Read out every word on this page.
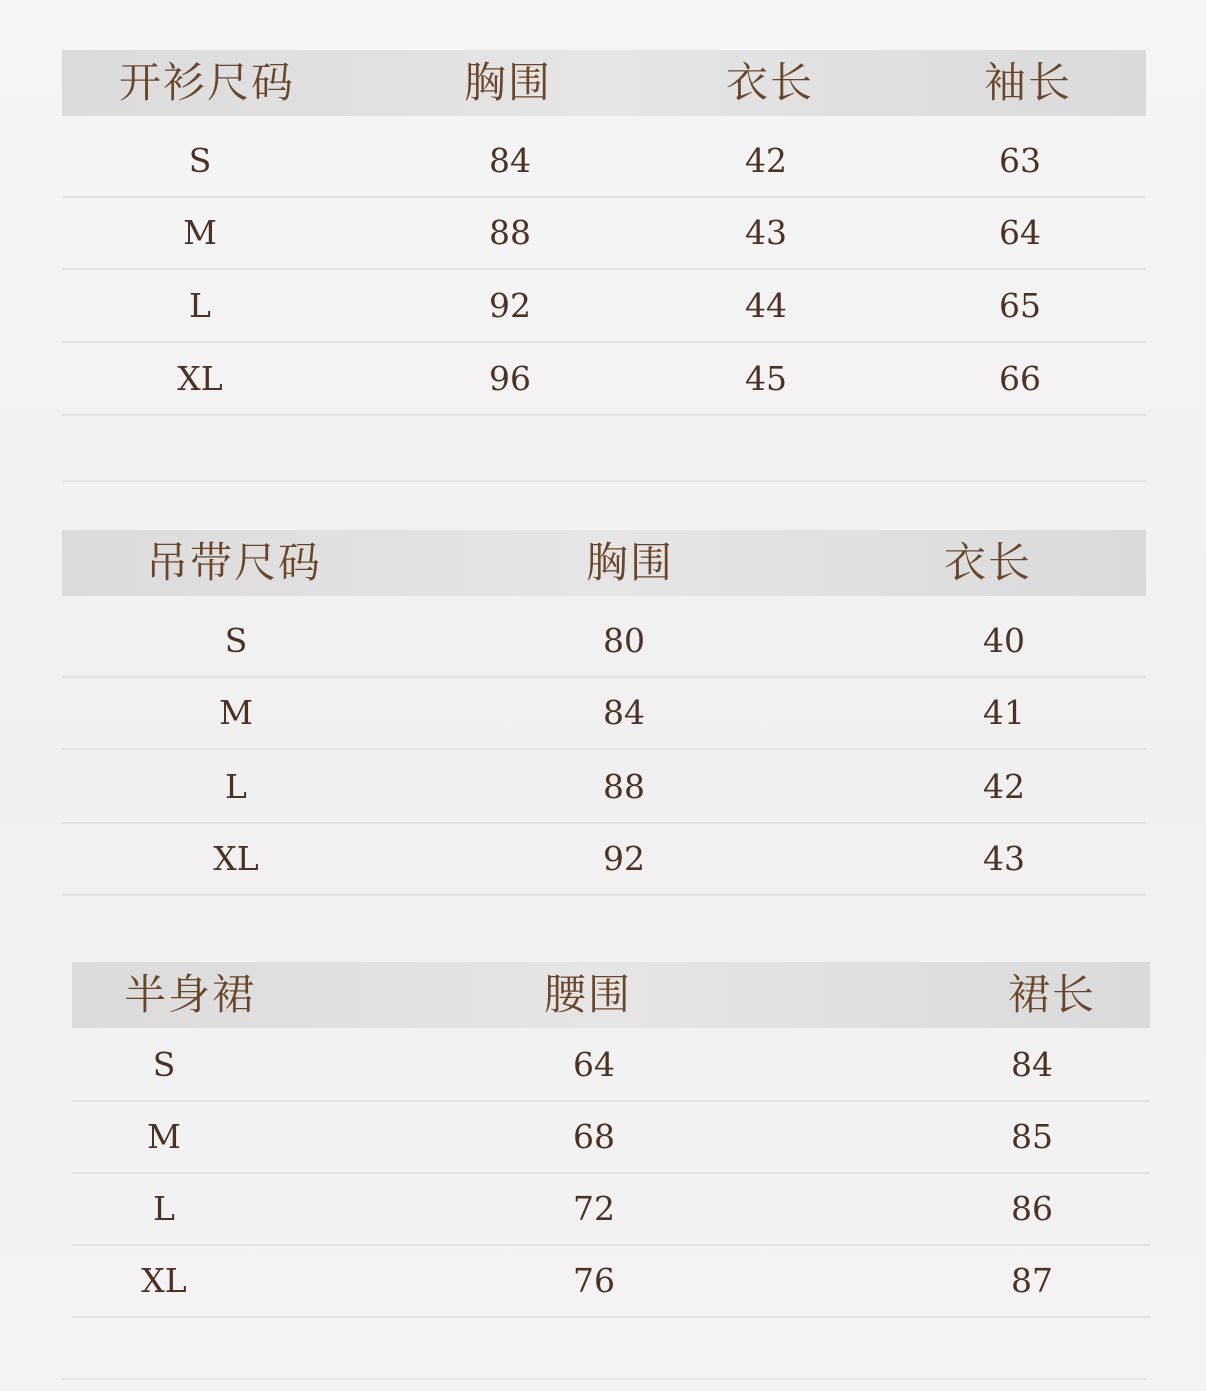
开衫尺码	胸围	衣长	袖长
S	84	42	63
M	88	43	64
L	92	44	65
XL	96	45	66
吊带尺码	胸围	衣长
S	80	40
M	84	41
L	88	42
XL	92	43
半身裙	腰围	裙长
S	64	84
M	68	85
L	72	86
XL	76	87
